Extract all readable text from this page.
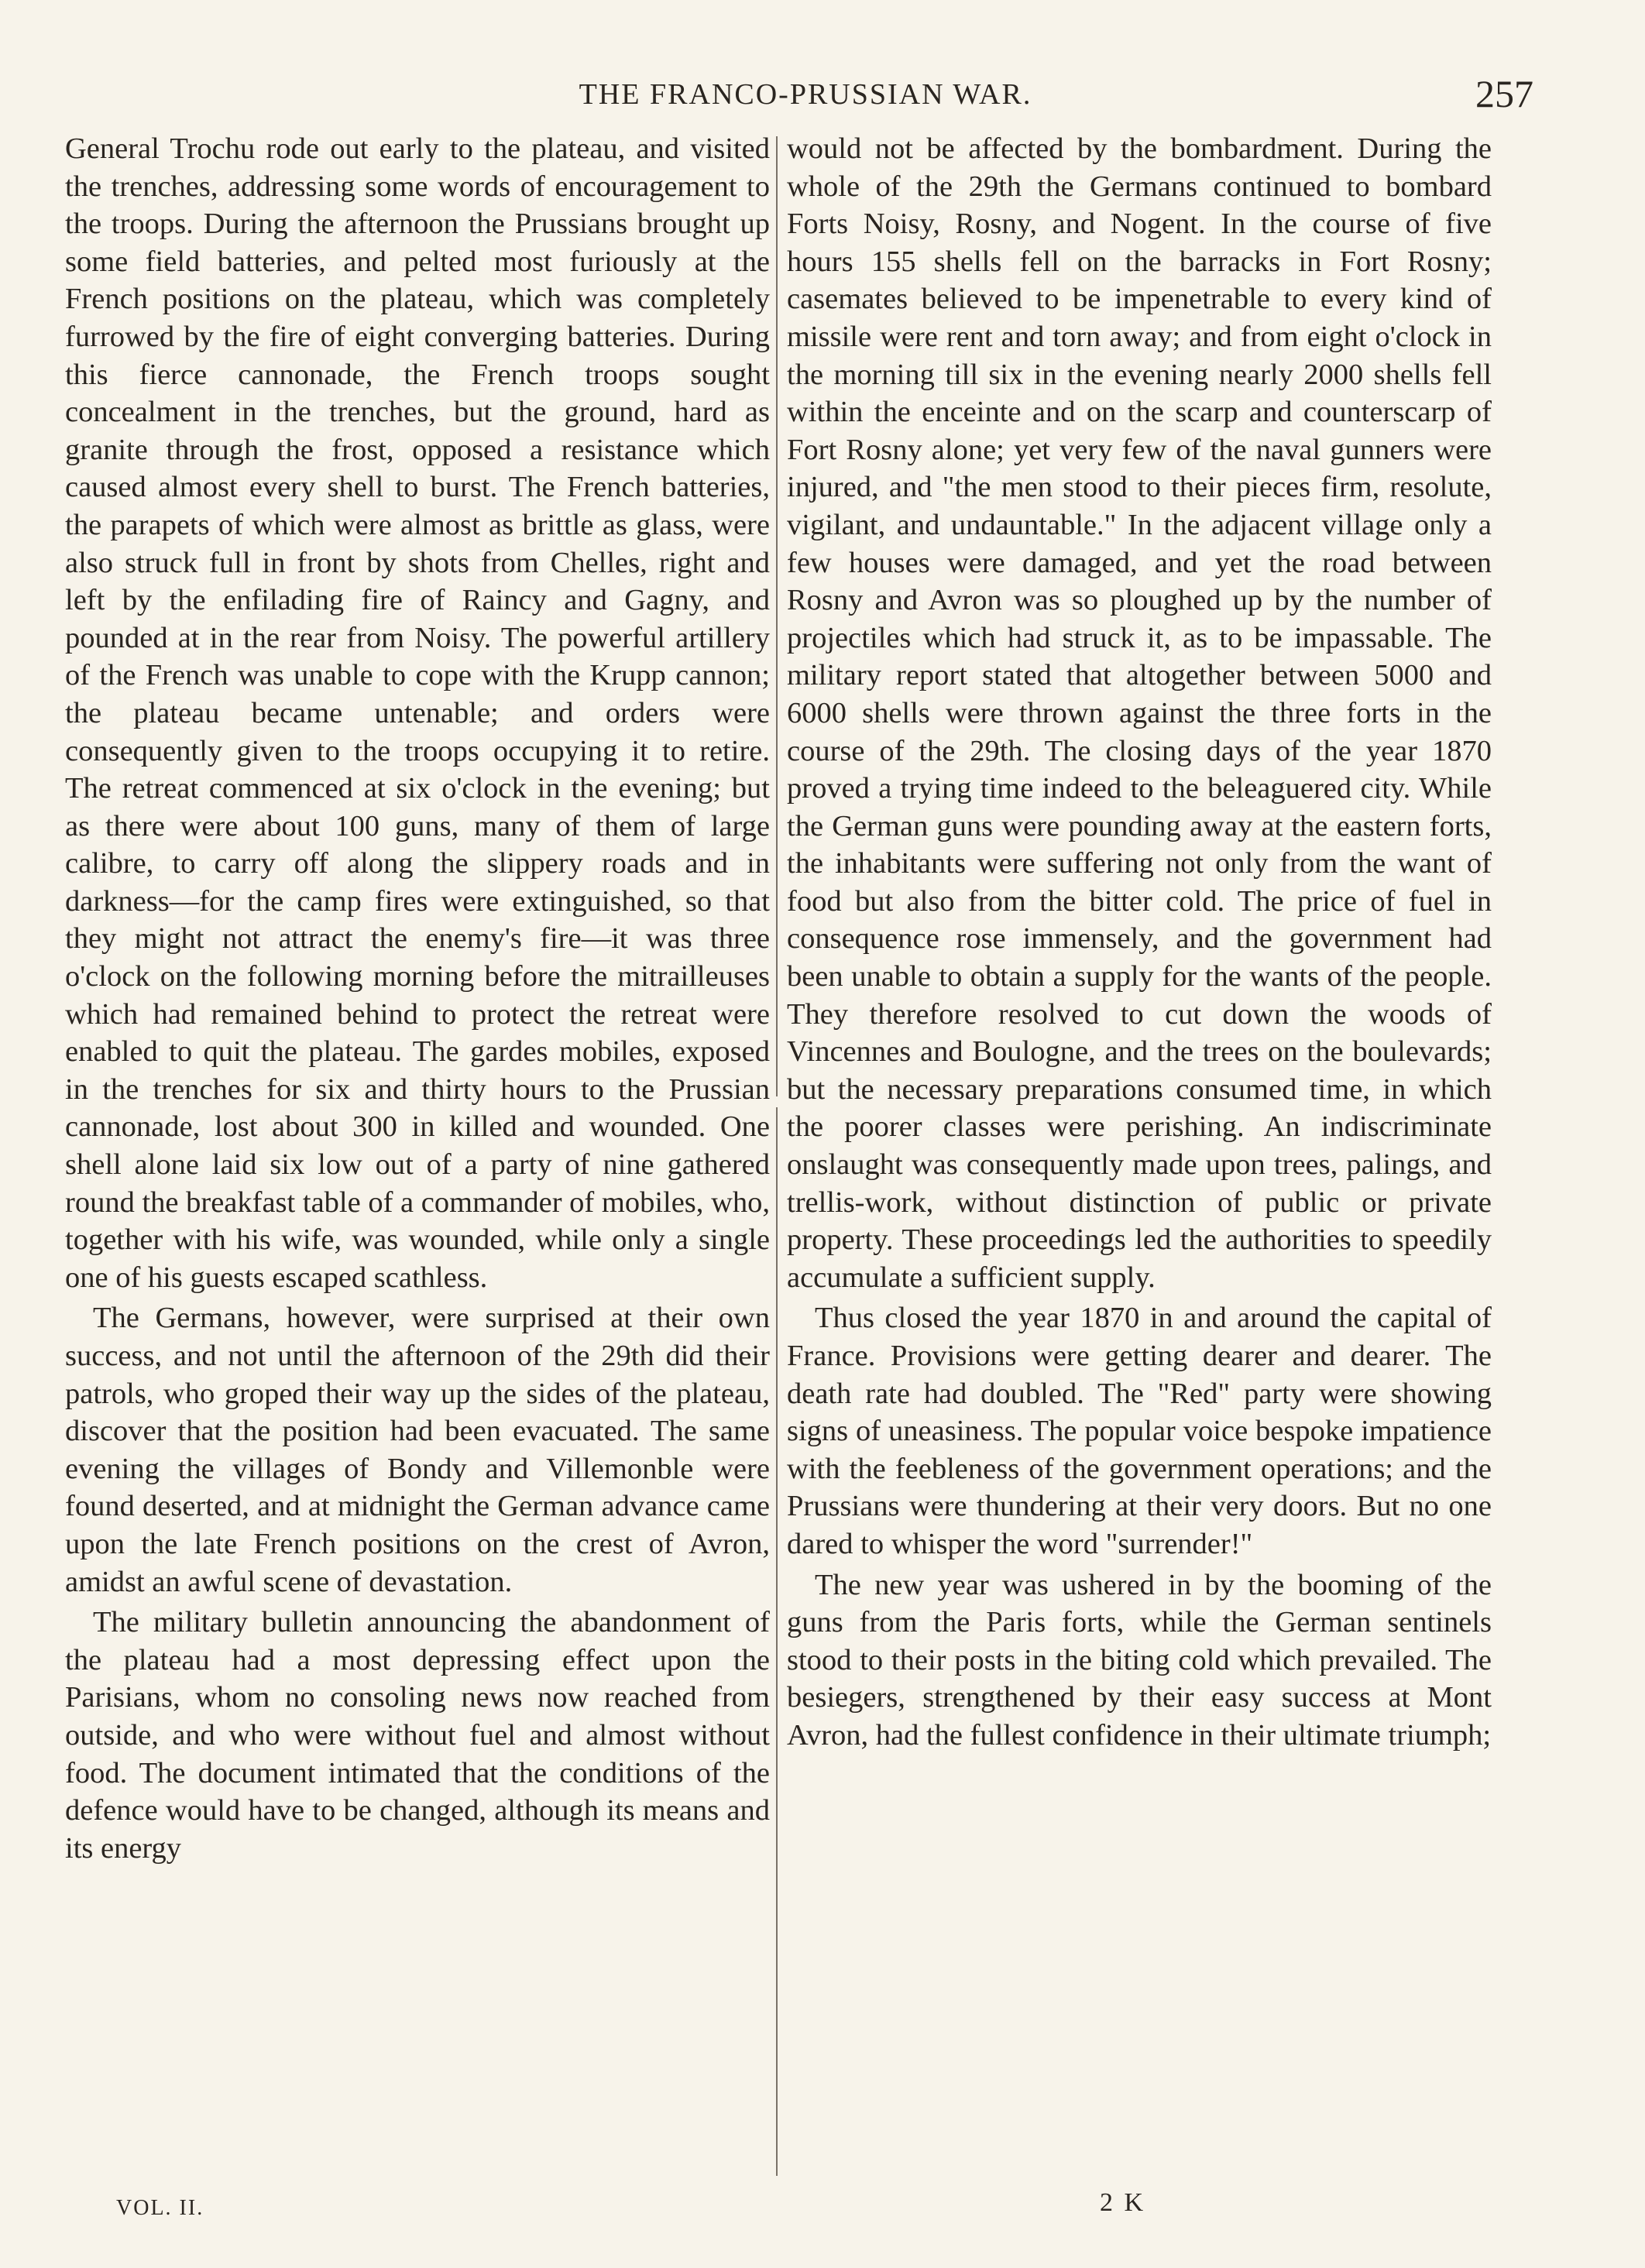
THE FRANCO-PRUSSIAN WAR.	257

General Trochu rode out early to the plateau, and visited the trenches, addressing some words of encouragement to the troops. During the afternoon the Prussians brought up some field batteries, and pelted most furiously at the French positions on the plateau, which was completely furrowed by the fire of eight converging batteries. During this fierce cannonade, the French troops sought concealment in the trenches, but the ground, hard as granite through the frost, opposed a resistance which caused almost every shell to burst. The French batteries, the parapets of which were almost as brittle as glass, were also struck full in front by shots from Chelles, right and left by the enfilading fire of Raincy and Gagny, and pounded at in the rear from Noisy. The powerful artillery of the French was unable to cope with the Krupp cannon; the plateau became untenable; and orders were consequently given to the troops occupying it to retire. The retreat commenced at six o'clock in the evening; but as there were about 100 guns, many of them of large calibre, to carry off along the slippery roads and in darkness—for the camp fires were extinguished, so that they might not attract the enemy's fire—it was three o'clock on the following morning before the mitrailleuses which had remained behind to protect the retreat were enabled to quit the plateau. The gardes mobiles, exposed in the trenches for six and thirty hours to the Prussian cannonade, lost about 300 in killed and wounded. One shell alone laid six low out of a party of nine gathered round the breakfast table of a commander of mobiles, who, together with his wife, was wounded, while only a single one of his guests escaped scathless.

The Germans, however, were surprised at their own success, and not until the afternoon of the 29th did their patrols, who groped their way up the sides of the plateau, discover that the position had been evacuated. The same evening the villages of Bondy and Villemonble were found deserted, and at midnight the German advance came upon the late French positions on the crest of Avron, amidst an awful scene of devastation.

The military bulletin announcing the abandonment of the plateau had a most depressing effect upon the Parisians, whom no consoling news now reached from outside, and who were without fuel and almost without food. The document intimated that the conditions of the defence would have to be changed, although its means and its energy

would not be affected by the bombardment. During the whole of the 29th the Germans continued to bombard Forts Noisy, Rosny, and Nogent. In the course of five hours 155 shells fell on the barracks in Fort Rosny; casemates believed to be impenetrable to every kind of missile were rent and torn away; and from eight o'clock in the morning till six in the evening nearly 2000 shells fell within the enceinte and on the scarp and counterscarp of Fort Rosny alone; yet very few of the naval gunners were injured, and "the men stood to their pieces firm, resolute, vigilant, and undauntable." In the adjacent village only a few houses were damaged, and yet the road between Rosny and Avron was so ploughed up by the number of projectiles which had struck it, as to be impassable. The military report stated that altogether between 5000 and 6000 shells were thrown against the three forts in the course of the 29th. The closing days of the year 1870 proved a trying time indeed to the beleaguered city. While the German guns were pounding away at the eastern forts, the inhabitants were suffering not only from the want of food but also from the bitter cold. The price of fuel in consequence rose immensely, and the government had been unable to obtain a supply for the wants of the people. They therefore resolved to cut down the woods of Vincennes and Boulogne, and the trees on the boulevards; but the necessary preparations consumed time, in which the poorer classes were perishing. An indiscriminate onslaught was consequently made upon trees, palings, and trellis-work, without distinction of public or private property. These proceedings led the authorities to speedily accumulate a sufficient supply.

Thus closed the year 1870 in and around the capital of France. Provisions were getting dearer and dearer. The death rate had doubled. The "Red" party were showing signs of uneasiness. The popular voice bespoke impatience with the feebleness of the government operations; and the Prussians were thundering at their very doors. But no one dared to whisper the word "surrender!"

The new year was ushered in by the booming of the guns from the Paris forts, while the German sentinels stood to their posts in the biting cold which prevailed. The besiegers, strengthened by their easy success at Mont Avron, had the fullest confidence in their ultimate triumph;

VOL. II.	2 K
